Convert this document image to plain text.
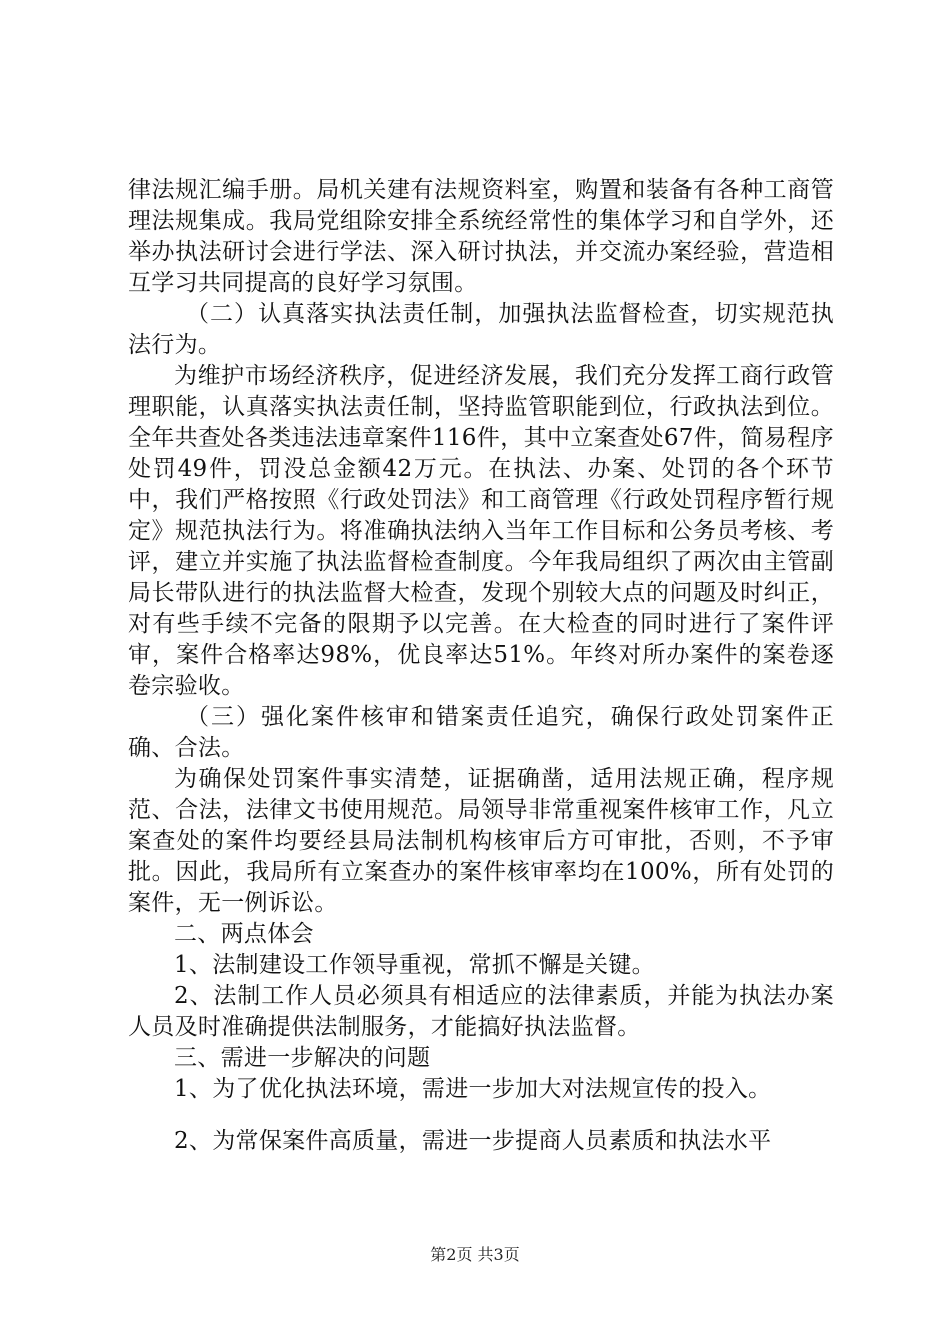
律法规汇编手册。局机关建有法规资料室，购置和装备有各种工商管理法规集成。我局党组除安排全系统经常性的集体学习和自学外，还举办执法研讨会进行学法、深入研讨执法，并交流办案经验，营造相互学习共同提高的良好学习氛围。

（二）认真落实执法责任制，加强执法监督检查，切实规范执法行为。

为维护市场经济秩序，促进经济发展，我们充分发挥工商行政管理职能，认真落实执法责任制，坚持监管职能到位，行政执法到位。全年共查处各类违法违章案件116件，其中立案查处67件，简易程序处罚49件，罚没总金额42万元。在执法、办案、处罚的各个环节中，我们严格按照《行政处罚法》和工商管理《行政处罚程序暂行规定》规范执法行为。将准确执法纳入当年工作目标和公务员考核、考评，建立并实施了执法监督检查制度。今年我局组织了两次由主管副局长带队进行的执法监督大检查，发现个别较大点的问题及时纠正，对有些手续不完备的限期予以完善。在大检查的同时进行了案件评审，案件合格率达98%，优良率达51%。年终对所办案件的案卷逐卷宗验收。

（三）强化案件核审和错案责任追究，确保行政处罚案件正确、合法。

为确保处罚案件事实清楚，证据确凿，适用法规正确，程序规范、合法，法律文书使用规范。局领导非常重视案件核审工作，凡立案查处的案件均要经县局法制机构核审后方可审批，否则，不予审批。因此，我局所有立案查办的案件核审率均在100%，所有处罚的案件，无一例诉讼。

二、两点体会

1、法制建设工作领导重视，常抓不懈是关键。

2、法制工作人员必须具有相适应的法律素质，并能为执法办案人员及时准确提供法制服务，才能搞好执法监督。

三、需进一步解决的问题

1、为了优化执法环境，需进一步加大对法规宣传的投入。

2、为常保案件高质量，需进一步提商人员素质和执法水平

第2页 共3页
